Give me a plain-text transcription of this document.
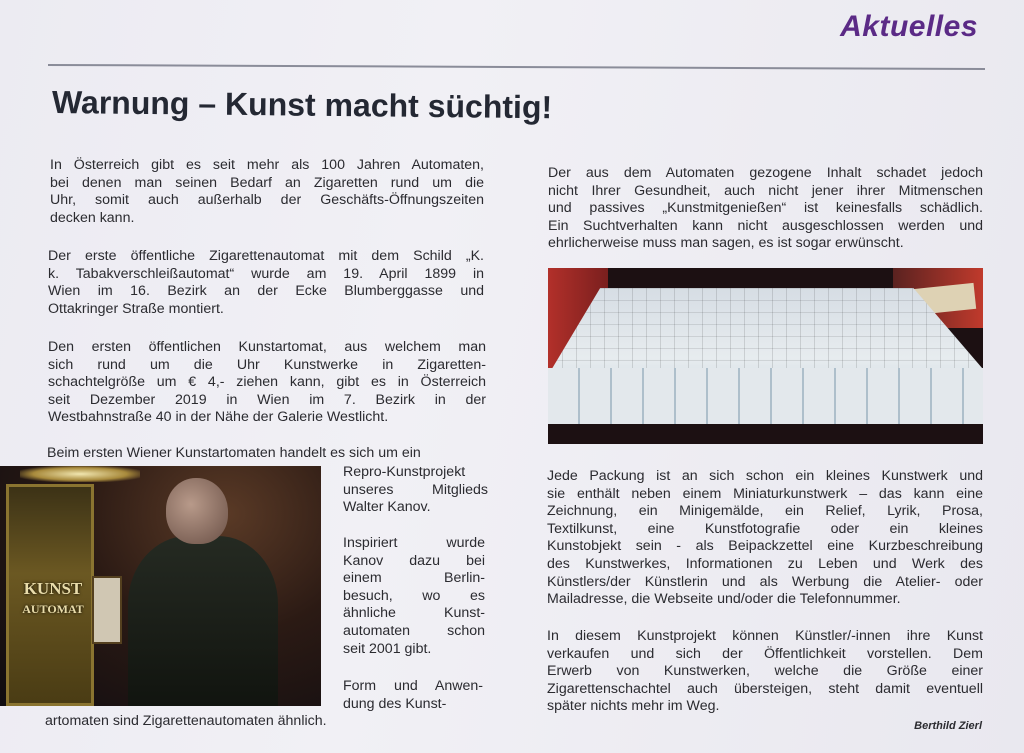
Aktuelles
Warnung – Kunst macht süchtig!

In Österreich gibt es seit mehr als 100 Jahren Automaten,
bei denen man seinen Bedarf an Zigaretten rund um die
Uhr, somit auch außerhalb der Geschäfts-Öffnungszeiten
decken kann.

Der erste öffentliche Zigarettenautomat mit dem Schild „K.
k. Tabakverschleißautomat“ wurde am 19. April 1899 in
Wien im 16. Bezirk an der Ecke Blumberggasse und
Ottakringer Straße montiert.

Den ersten öffentlichen Kunstartomat, aus welchem man
sich rund um die Uhr Kunstwerke in Zigaretten-
schachtelgröße um € 4,- ziehen kann, gibt es in Österreich
seit Dezember 2019 in Wien im 7. Bezirk in der
Westbahnstraße 40 in der Nähe der Galerie Westlicht.

Beim ersten Wiener Kunstartomaten handelt es sich um ein

Repro-Kunstprojekt
unseres Mitglieds
Walter Kanov.

Inspiriert wurde
Kanov dazu bei
einem Berlin-
besuch, wo es
ähnliche Kunst-
automaten schon
seit 2001 gibt.

Form und Anwen-
dung des Kunst-

artomaten sind Zigarettenautomaten ähnlich.

KUNST
AUTOMAT

Der aus dem Automaten gezogene Inhalt schadet jedoch
nicht Ihrer Gesundheit, auch nicht jener ihrer Mitmenschen
und passives „Kunstmitgenießen“ ist keinesfalls schädlich.
Ein Suchtverhalten kann nicht ausgeschlossen werden und
ehrlicherweise muss man sagen, es ist sogar erwünscht.

Jede Packung ist an sich schon ein kleines Kunstwerk und
sie enthält neben einem Miniaturkunstwerk – das kann eine
Zeichnung, ein Minigemälde, ein Relief, Lyrik, Prosa,
Textilkunst, eine Kunstfotografie oder ein kleines
Kunstobjekt sein - als Beipackzettel eine Kurzbeschreibung
des Kunstwerkes, Informationen zu Leben und Werk des
Künstlers/der Künstlerin und als Werbung die Atelier- oder
Mailadresse, die Webseite und/oder die Telefonnummer.

In diesem Kunstprojekt können Künstler/-innen ihre Kunst
verkaufen und sich der Öffentlichkeit vorstellen. Dem
Erwerb von Kunstwerken, welche die Größe einer
Zigarettenschachtel auch übersteigen, steht damit eventuell
später nichts mehr im Weg.

Berthild Zierl
